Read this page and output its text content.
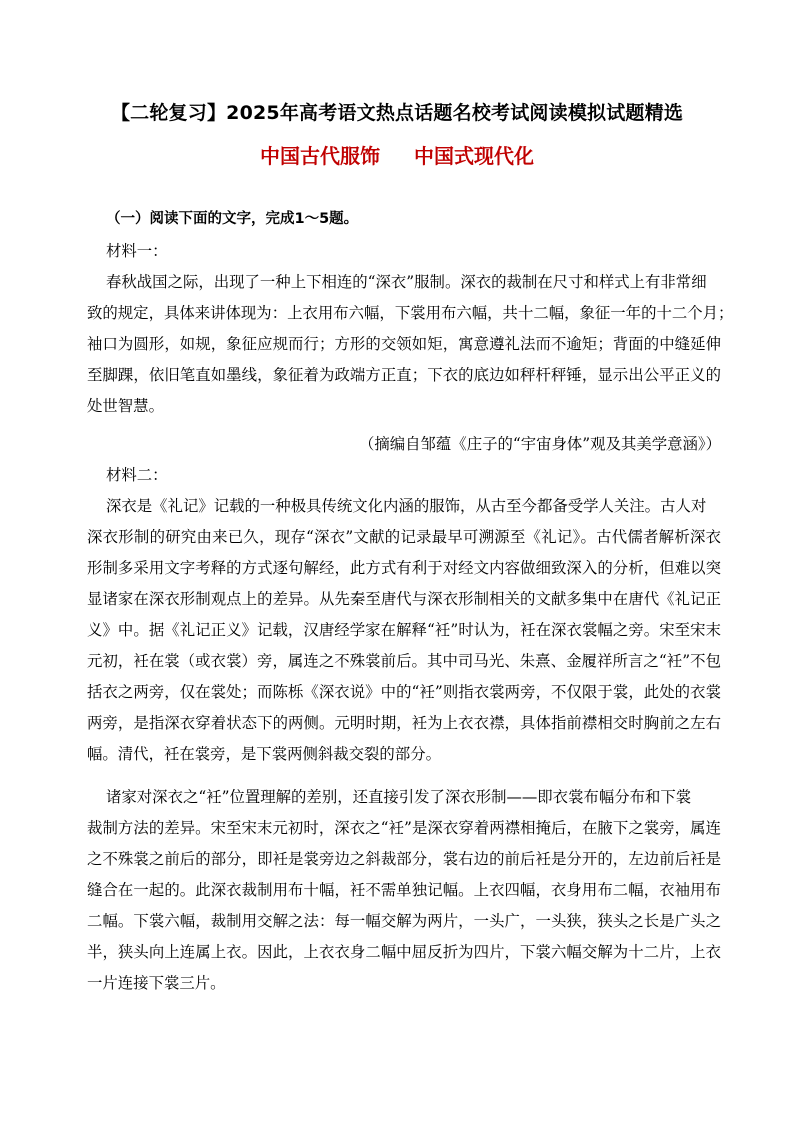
【二轮复习】2025年高考语文热点话题名校考试阅读模拟试题精选
中国古代服饰 中国式现代化
（一）阅读下面的文字，完成1～5题。
材料一：
春秋战国之际，出现了一种上下相连的“深衣”服制。深衣的裁制在尺寸和样式上有非常细
致的规定，具体来讲体现为：上衣用布六幅，下裳用布六幅，共十二幅，象征一年的十二个月；
袖口为圆形，如规，象征应规而行；方形的交领如矩，寓意遵礼法而不逾矩；背面的中缝延伸
至脚踝，依旧笔直如墨线，象征着为政端方正直；下衣的底边如秤杆秤锤，显示出公平正义的
处世智慧。
（摘编自邹蕴《庄子的“宇宙身体”观及其美学意涵》）
材料二：
深衣是《礼记》记载的一种极具传统文化内涵的服饰，从古至今都备受学人关注。古人对
深衣形制的研究由来已久，现存“深衣”文献的记录最早可溯源至《礼记》。古代儒者解析深衣
形制多采用文字考释的方式逐句解经，此方式有利于对经文内容做细致深入的分析，但难以突
显诸家在深衣形制观点上的差异。从先秦至唐代与深衣形制相关的文献多集中在唐代《礼记正
义》中。据《礼记正义》记载，汉唐经学家在解释“衽”时认为，衽在深衣裳幅之旁。宋至宋末
元初，衽在裳（或衣裳）旁，属连之不殊裳前后。其中司马光、朱熹、金履祥所言之“衽”不包
括衣之两旁，仅在裳处；而陈栎《深衣说》中的“衽”则指衣裳两旁，不仅限于裳，此处的衣裳
两旁，是指深衣穿着状态下的两侧。元明时期，衽为上衣衣襟，具体指前襟相交时胸前之左右
幅。清代，衽在裳旁，是下裳两侧斜裁交裂的部分。
诸家对深衣之“衽”位置理解的差别，还直接引发了深衣形制——即衣裳布幅分布和下裳
裁制方法的差异。宋至宋末元初时，深衣之“衽”是深衣穿着两襟相掩后，在腋下之裳旁，属连
之不殊裳之前后的部分，即衽是裳旁边之斜裁部分，裳右边的前后衽是分开的，左边前后衽是
缝合在一起的。此深衣裁制用布十幅，衽不需单独记幅。上衣四幅，衣身用布二幅，衣袖用布
二幅。下裳六幅，裁制用交解之法：每一幅交解为两片，一头广，一头狭，狭头之长是广头之
半，狭头向上连属上衣。因此，上衣衣身二幅中屈反折为四片，下裳六幅交解为十二片，上衣
一片连接下裳三片。
